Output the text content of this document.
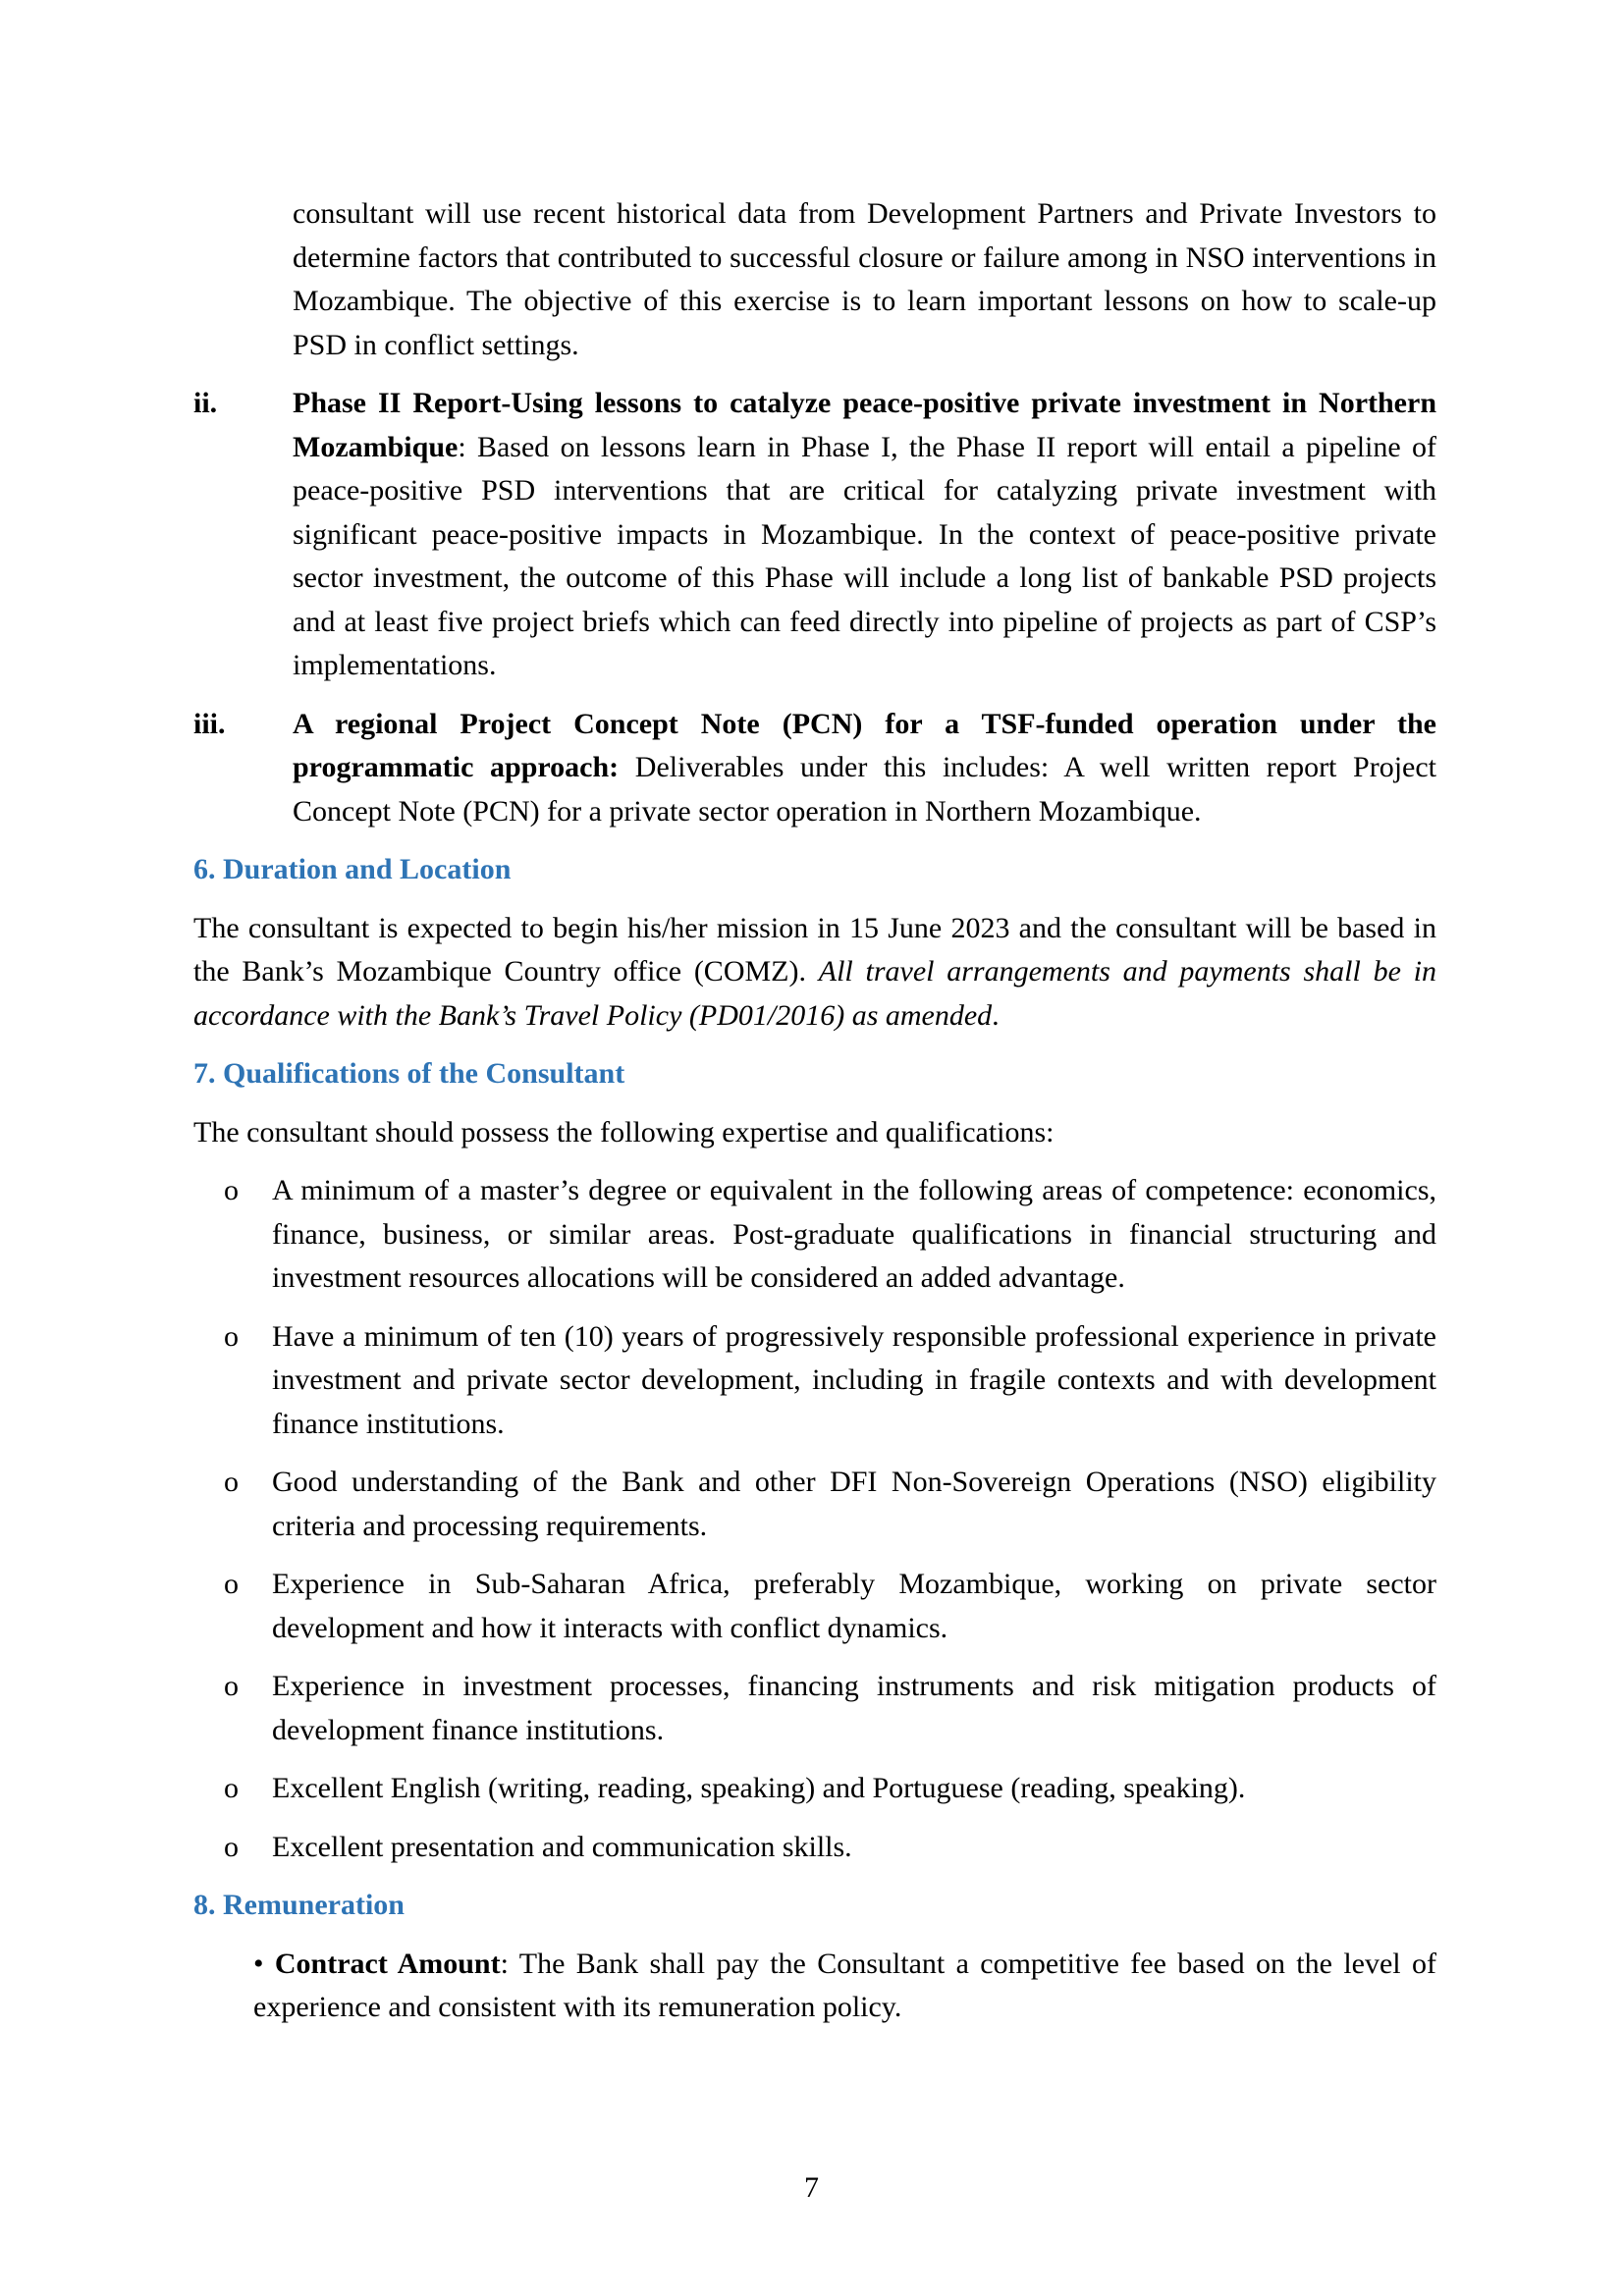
consultant will use recent historical data from Development Partners and Private Investors to determine factors that contributed to successful closure or failure among in NSO interventions in Mozambique. The objective of this exercise is to learn important lessons on how to scale-up PSD in conflict settings.

ii.	Phase II Report-Using lessons to catalyze peace-positive private investment in Northern Mozambique: Based on lessons learn in Phase I, the Phase II report will entail a pipeline of peace-positive PSD interventions that are critical for catalyzing private investment with significant peace-positive impacts in Mozambique. In the context of peace-positive private sector investment, the outcome of this Phase will include a long list of bankable PSD projects and at least five project briefs which can feed directly into pipeline of projects as part of CSP’s implementations.

iii. A regional Project Concept Note (PCN) for a TSF-funded operation under the programmatic approach: Deliverables under this includes: A well written report Project Concept Note (PCN) for a private sector operation in Northern Mozambique.

6. Duration and Location

The consultant is expected to begin his/her mission in 15 June 2023 and the consultant will be based in the Bank’s Mozambique Country office (COMZ). All travel arrangements and payments shall be in accordance with the Bank’s Travel Policy (PD01/2016) as amended.

7. Qualifications of the Consultant

The consultant should possess the following expertise and qualifications:

o A minimum of a master’s degree or equivalent in the following areas of competence: economics, finance, business, or similar areas. Post-graduate qualifications in financial structuring and investment resources allocations will be considered an added advantage.
o Have a minimum of ten (10) years of progressively responsible professional experience in private investment and private sector development, including in fragile contexts and with development finance institutions.
o Good understanding of the Bank and other DFI Non-Sovereign Operations (NSO) eligibility criteria and processing requirements.
o Experience in Sub-Saharan Africa, preferably Mozambique, working on private sector development and how it interacts with conflict dynamics.
o Experience in investment processes, financing instruments and risk mitigation products of development finance institutions.
o Excellent English (writing, reading, speaking) and Portuguese (reading, speaking).
o Excellent presentation and communication skills.
8. Remuneration

• Contract Amount: The Bank shall pay the Consultant a competitive fee based on the level of experience and consistent with its remuneration policy.

7
